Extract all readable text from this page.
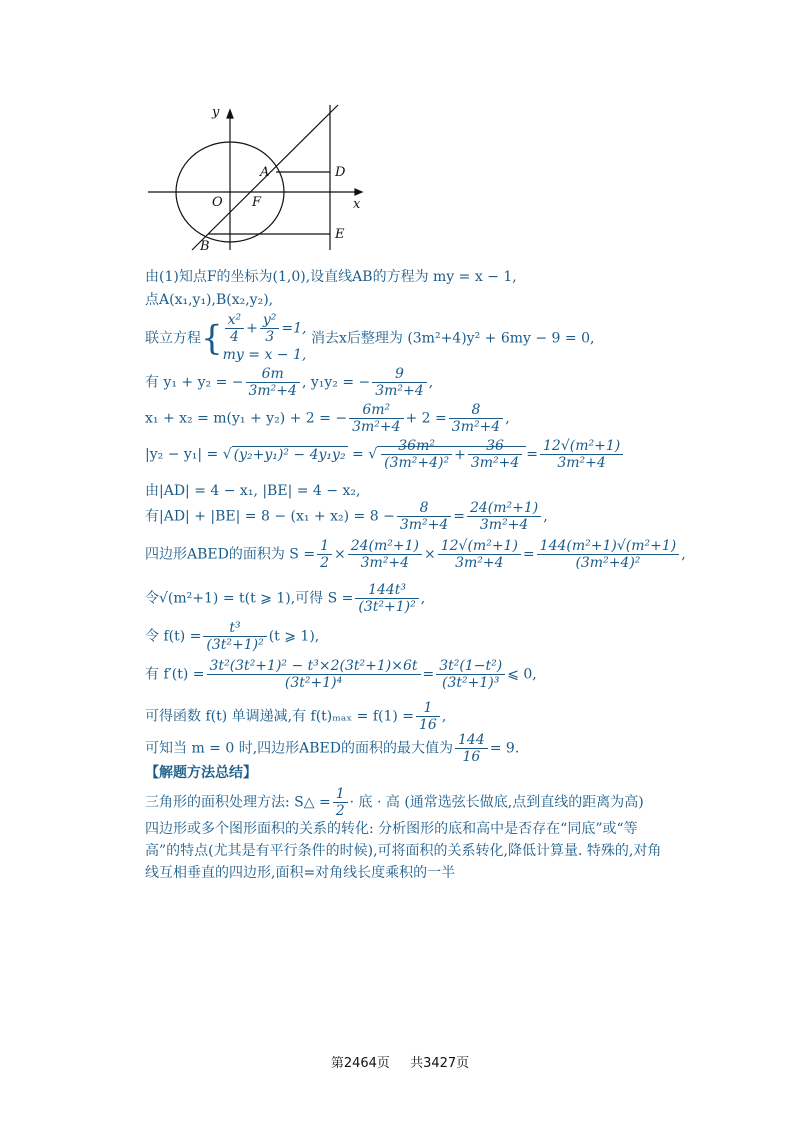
y
x
O F
A
B
D
E
由(1)知点F的坐标为(1,0),设直线AB的方程为 my = x − 1,
点A(x₁,y₁),B(x₂,y₂),
联立方程{ $\frac{\text{x²}}{4} + \frac{\text{y²}}{3} =1$,
my = x − 1,
消去x后整理为 (3m²+4)y² + 6my − 9 = 0,
有 y₁ + y₂ = − $\frac{6m}{\text{3m²+4}}$ , y₁y₂ = − $\frac{9}{\text{3m²+4}}$ ,
x₁ + x₂ = m(y₁ + y₂) + 2 = − $\frac{\text{6m²}}{\text{3m²+4}} + 2 = \frac{8}{\text{3m²+4}}$ ,
|y₂ − y₁| = √ (y₂+y₁)² − 4y₁y₂ = √ $\frac{\text{36m²}}{\text{(3m²+4)²}} + \frac{36}{\text{3m²+4}} = \frac{\text{12√(m²+1)}}{\text{3m²+4}}$
由|AD| = 4 − x₁, |BE| = 4 − x₂,
有$|AD| + |BE| = 8 - (x_1 + x_2) = 8 - \frac{8}{\text{3m²+4}} = \frac{\text{24(m²+1)}}{\text{3m²+4}}$ ,
四边形ABED的面积为 $S = \frac{1}{2} \times \frac{\text{24(m²+1)}}{\text{3m²+4}} \times \frac{\text{12√(m²+1)}}{\text{3m²+4}} = \frac{\text{144(m²+1)√(m²+1)}}{\text{(3m²+4)²}}$ ,
令√(m²+1) = t(t ⩾ 1),可得 $S = \frac{\text{144t³}}{\text{(3t²+1)²}}$ ,
令 $f(t) = \frac{\text{t³}}{\text{(3t²+1)²}} (t$ ⩾ 1),
有 $f'(t) = \frac{\text{3t²(3t²+1)² − t³×2(3t²+1)×6t}}{\text{(3t²+1)⁴}} = \frac{\text{3t²(1−t²)}}{\text{(3t²+1)³}}$ ⩽ 0,
可得函数 f(t) 单调递减,有 $f(t)_{max} = f(1) = \frac{1}{16}$ ,
可知当 m = 0 时,四边形ABED的面积的最大值为 $\frac{144}{16} = 9$.
【解题方法总结】
三角形的面积处理方法: S△ = $\frac{1}{2}$ · 底 · 高 (通常选弦长做底,点到直线的距离为高)
四边形或多个图形面积的关系的转化: 分析图形的底和高中是否存在“同底”或“等高”的特点(尤其是有平行条件的时候),可将面积的关系转化,降低计算量. 特殊的,对角线互相垂直的四边形,面积=对角线长度乘积的一半
第2464页 共3427页
